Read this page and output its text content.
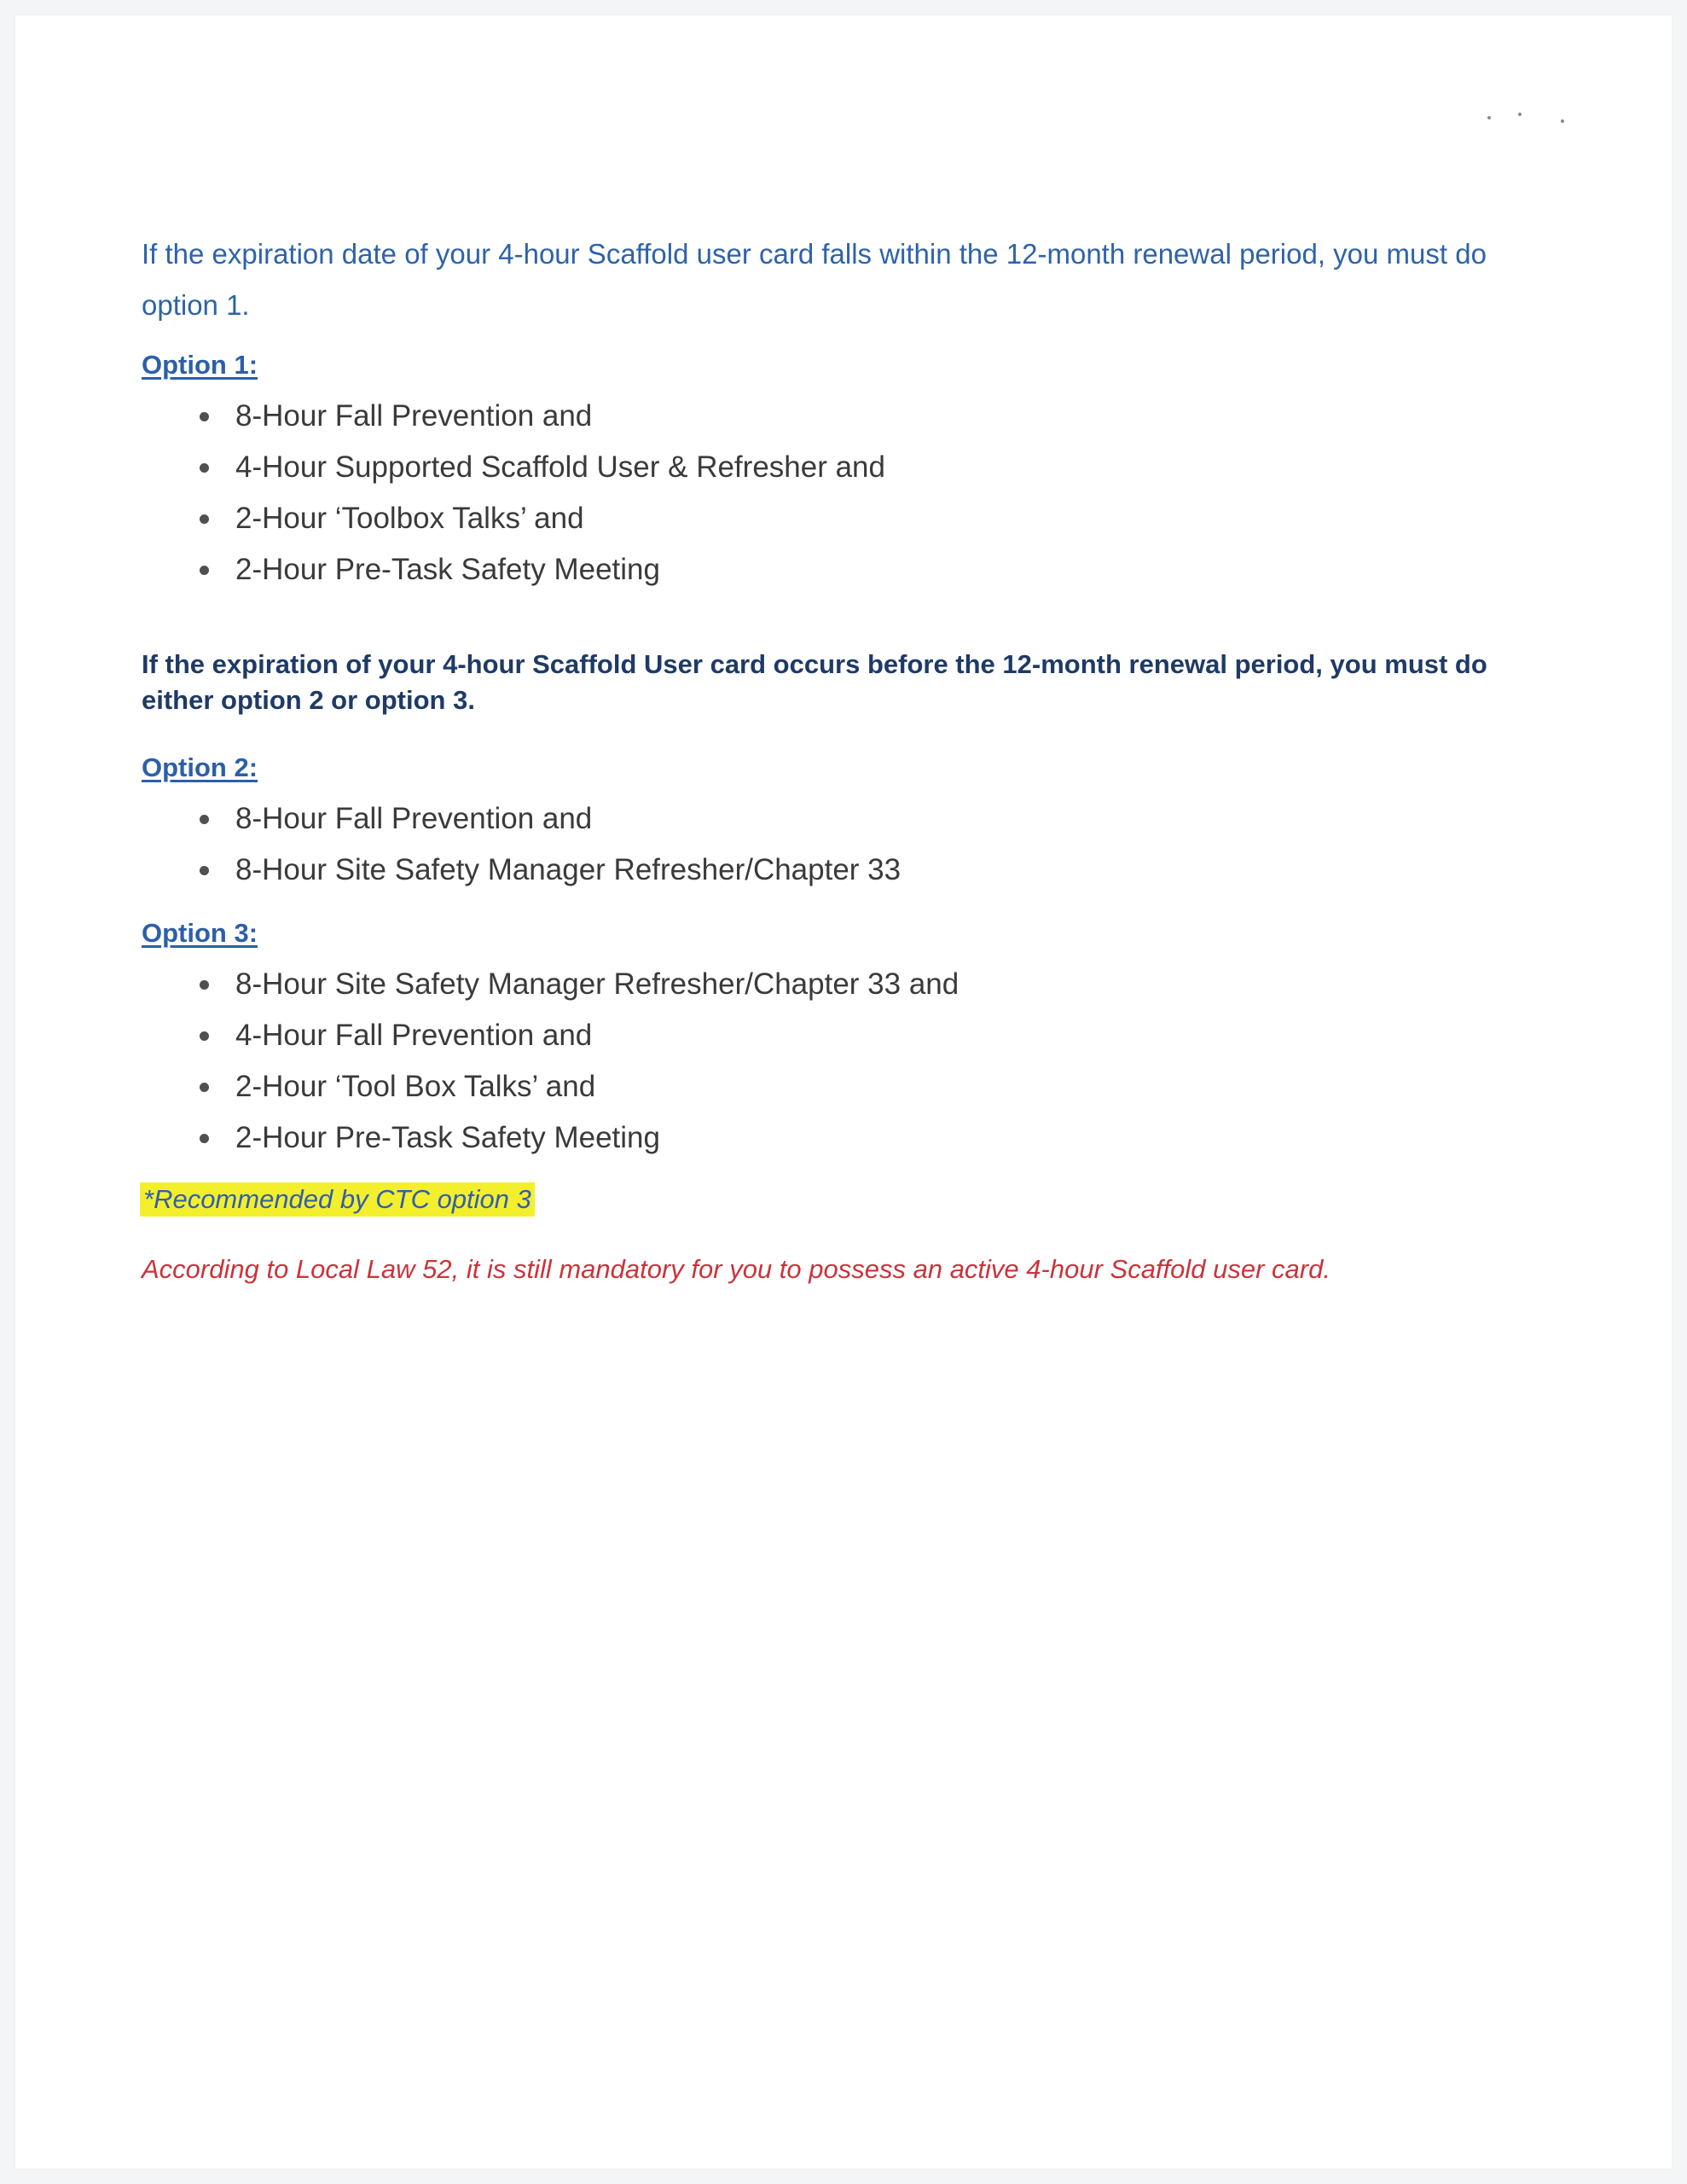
If the expiration date of your 4-hour Scaffold user card falls within the 12-month renewal period, you must do option 1.

Option 1:

8-Hour Fall Prevention and
4-Hour Supported Scaffold User & Refresher and
2-Hour ‘Toolbox Talks’ and
2-Hour Pre-Task Safety Meeting

If the expiration of your 4-hour Scaffold User card occurs before the 12-month renewal period, you must do either option 2 or option 3.

Option 2:

8-Hour Fall Prevention and
8-Hour Site Safety Manager Refresher/Chapter 33

Option 3:

8-Hour Site Safety Manager Refresher/Chapter 33 and
4-Hour Fall Prevention and
2-Hour ‘Tool Box Talks’ and
2-Hour Pre-Task Safety Meeting
*Recommended by CTC option 3

According to Local Law 52, it is still mandatory for you to possess an active 4-hour Scaffold user card.
